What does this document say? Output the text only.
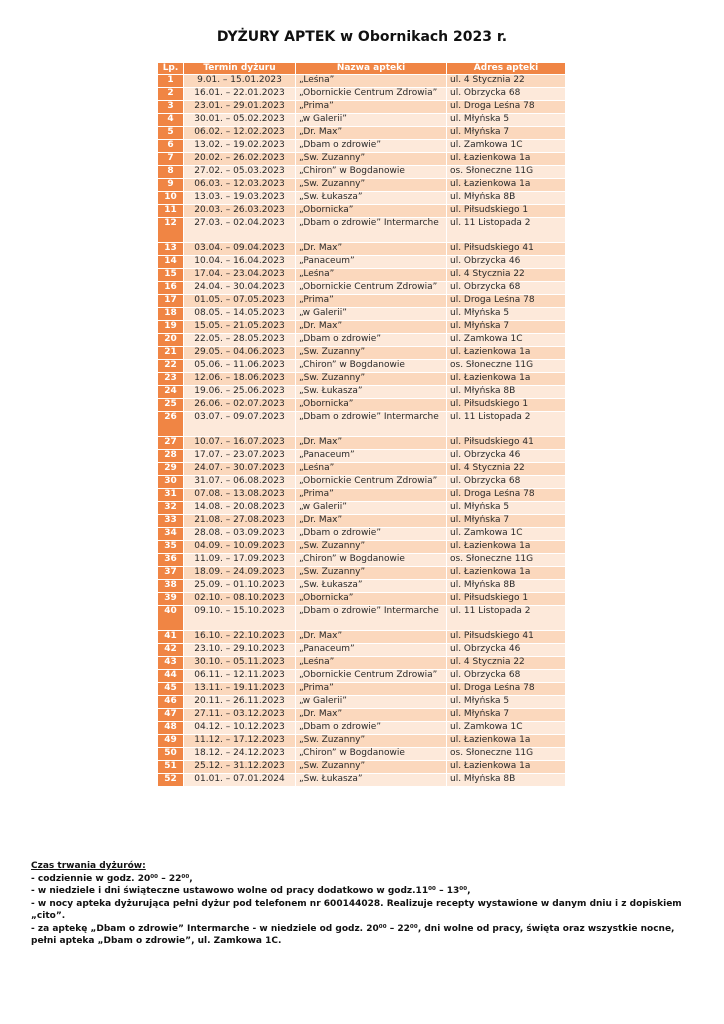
DYŻURY APTEK w Obornikach 2023 r.
Lp.	Termin dyżuru	Nazwa apteki	Adres apteki
1	9.01. – 15.01.2023	„Leśna”	ul. 4 Stycznia 22
2	16.01. – 22.01.2023	„Obornickie Centrum Zdrowia”	ul. Obrzycka 68
3	23.01. – 29.01.2023	„Prima”	ul. Droga Leśna 78
4	30.01. – 05.02.2023	„w Galerii”	ul. Młyńska 5
5	06.02. – 12.02.2023	„Dr. Max”	ul. Młyńska 7
6	13.02. – 19.02.2023	„Dbam o zdrowie”	ul. Zamkowa 1C
7	20.02. – 26.02.2023	„Św. Zuzanny”	ul. Łazienkowa 1a
8	27.02. – 05.03.2023	„Chiron” w Bogdanowie	os. Słoneczne 11G
9	06.03. – 12.03.2023	„Św. Zuzanny”	ul. Łazienkowa 1a
10	13.03. – 19.03.2023	„Św. Łukasza”	ul. Młyńska 8B
11	20.03. – 26.03.2023	„Obornicka”	ul. Piłsudskiego 1
12	27.03. – 02.04.2023	„Dbam o zdrowie” Intermarche	ul. 11 Listopada 2
13	03.04. – 09.04.2023	„Dr. Max”	ul. Piłsudskiego 41
14	10.04. – 16.04.2023	„Panaceum”	ul. Obrzycka 46
15	17.04. – 23.04.2023	„Leśna”	ul. 4 Stycznia 22
16	24.04. – 30.04.2023	„Obornickie Centrum Zdrowia”	ul. Obrzycka 68
17	01.05. – 07.05.2023	„Prima”	ul. Droga Leśna 78
18	08.05. – 14.05.2023	„w Galerii”	ul. Młyńska 5
19	15.05. – 21.05.2023	„Dr. Max”	ul. Młyńska 7
20	22.05. – 28.05.2023	„Dbam o zdrowie”	ul. Zamkowa 1C
21	29.05. – 04.06.2023	„Św. Zuzanny”	ul. Łazienkowa 1a
22	05.06. – 11.06.2023	„Chiron” w Bogdanowie	os. Słoneczne 11G
23	12.06. – 18.06.2023	„Św. Zuzanny”	ul. Łazienkowa 1a
24	19.06. – 25.06.2023	„Św. Łukasza”	ul. Młyńska 8B
25	26.06. – 02.07.2023	„Obornicka”	ul. Piłsudskiego 1
26	03.07. – 09.07.2023	„Dbam o zdrowie” Intermarche	ul. 11 Listopada 2
27	10.07. – 16.07.2023	„Dr. Max”	ul. Piłsudskiego 41
28	17.07. – 23.07.2023	„Panaceum”	ul. Obrzycka 46
29	24.07. – 30.07.2023	„Leśna”	ul. 4 Stycznia 22
30	31.07. – 06.08.2023	„Obornickie Centrum Zdrowia”	ul. Obrzycka 68
31	07.08. – 13.08.2023	„Prima”	ul. Droga Leśna 78
32	14.08. – 20.08.2023	„w Galerii”	ul. Młyńska 5
33	21.08. – 27.08.2023	„Dr. Max”	ul. Młyńska 7
34	28.08. – 03.09.2023	„Dbam o zdrowie”	ul. Zamkowa 1C
35	04.09. – 10.09.2023	„Św. Zuzanny”	ul. Łazienkowa 1a
36	11.09. – 17.09.2023	„Chiron” w Bogdanowie	os. Słoneczne 11G
37	18.09. – 24.09.2023	„Św. Zuzanny”	ul. Łazienkowa 1a
38	25.09. – 01.10.2023	„Św. Łukasza”	ul. Młyńska 8B
39	02.10. – 08.10.2023	„Obornicka”	ul. Piłsudskiego 1
40	09.10. – 15.10.2023	„Dbam o zdrowie” Intermarche	ul. 11 Listopada 2
41	16.10. – 22.10.2023	„Dr. Max”	ul. Piłsudskiego 41
42	23.10. – 29.10.2023	„Panaceum”	ul. Obrzycka 46
43	30.10. – 05.11.2023	„Leśna”	ul. 4 Stycznia 22
44	06.11. – 12.11.2023	„Obornickie Centrum Zdrowia”	ul. Obrzycka 68
45	13.11. – 19.11.2023	„Prima”	ul. Droga Leśna 78
46	20.11. – 26.11.2023	„w Galerii”	ul. Młyńska 5
47	27.11. – 03.12.2023	„Dr. Max”	ul. Młyńska 7
48	04.12. – 10.12.2023	„Dbam o zdrowie”	ul. Zamkowa 1C
49	11.12. – 17.12.2023	„Św. Zuzanny”	ul. Łazienkowa 1a
50	18.12. – 24.12.2023	„Chiron” w Bogdanowie	os. Słoneczne 11G
51	25.12. – 31.12.2023	„Św. Zuzanny”	ul. Łazienkowa 1a
52	01.01. – 07.01.2024	„Św. Łukasza”	ul. Młyńska 8B

Czas trwania dyżurów:

- codziennie w godz. 20⁰⁰ – 22⁰⁰,

- w niedziele i dni świąteczne ustawowo wolne od pracy dodatkowo w godz.11⁰⁰ – 13⁰⁰,

- w nocy apteka dyżurująca pełni dyżur pod telefonem nr 600144028. Realizuje recepty wystawione w danym dniu i z dopiskiem „cito”.

- za aptekę „Dbam o zdrowie” Intermarche - w niedziele od godz. 20⁰⁰ – 22⁰⁰, dni wolne od pracy, święta oraz wszystkie nocne, pełni apteka „Dbam o zdrowie”, ul. Zamkowa 1C.
